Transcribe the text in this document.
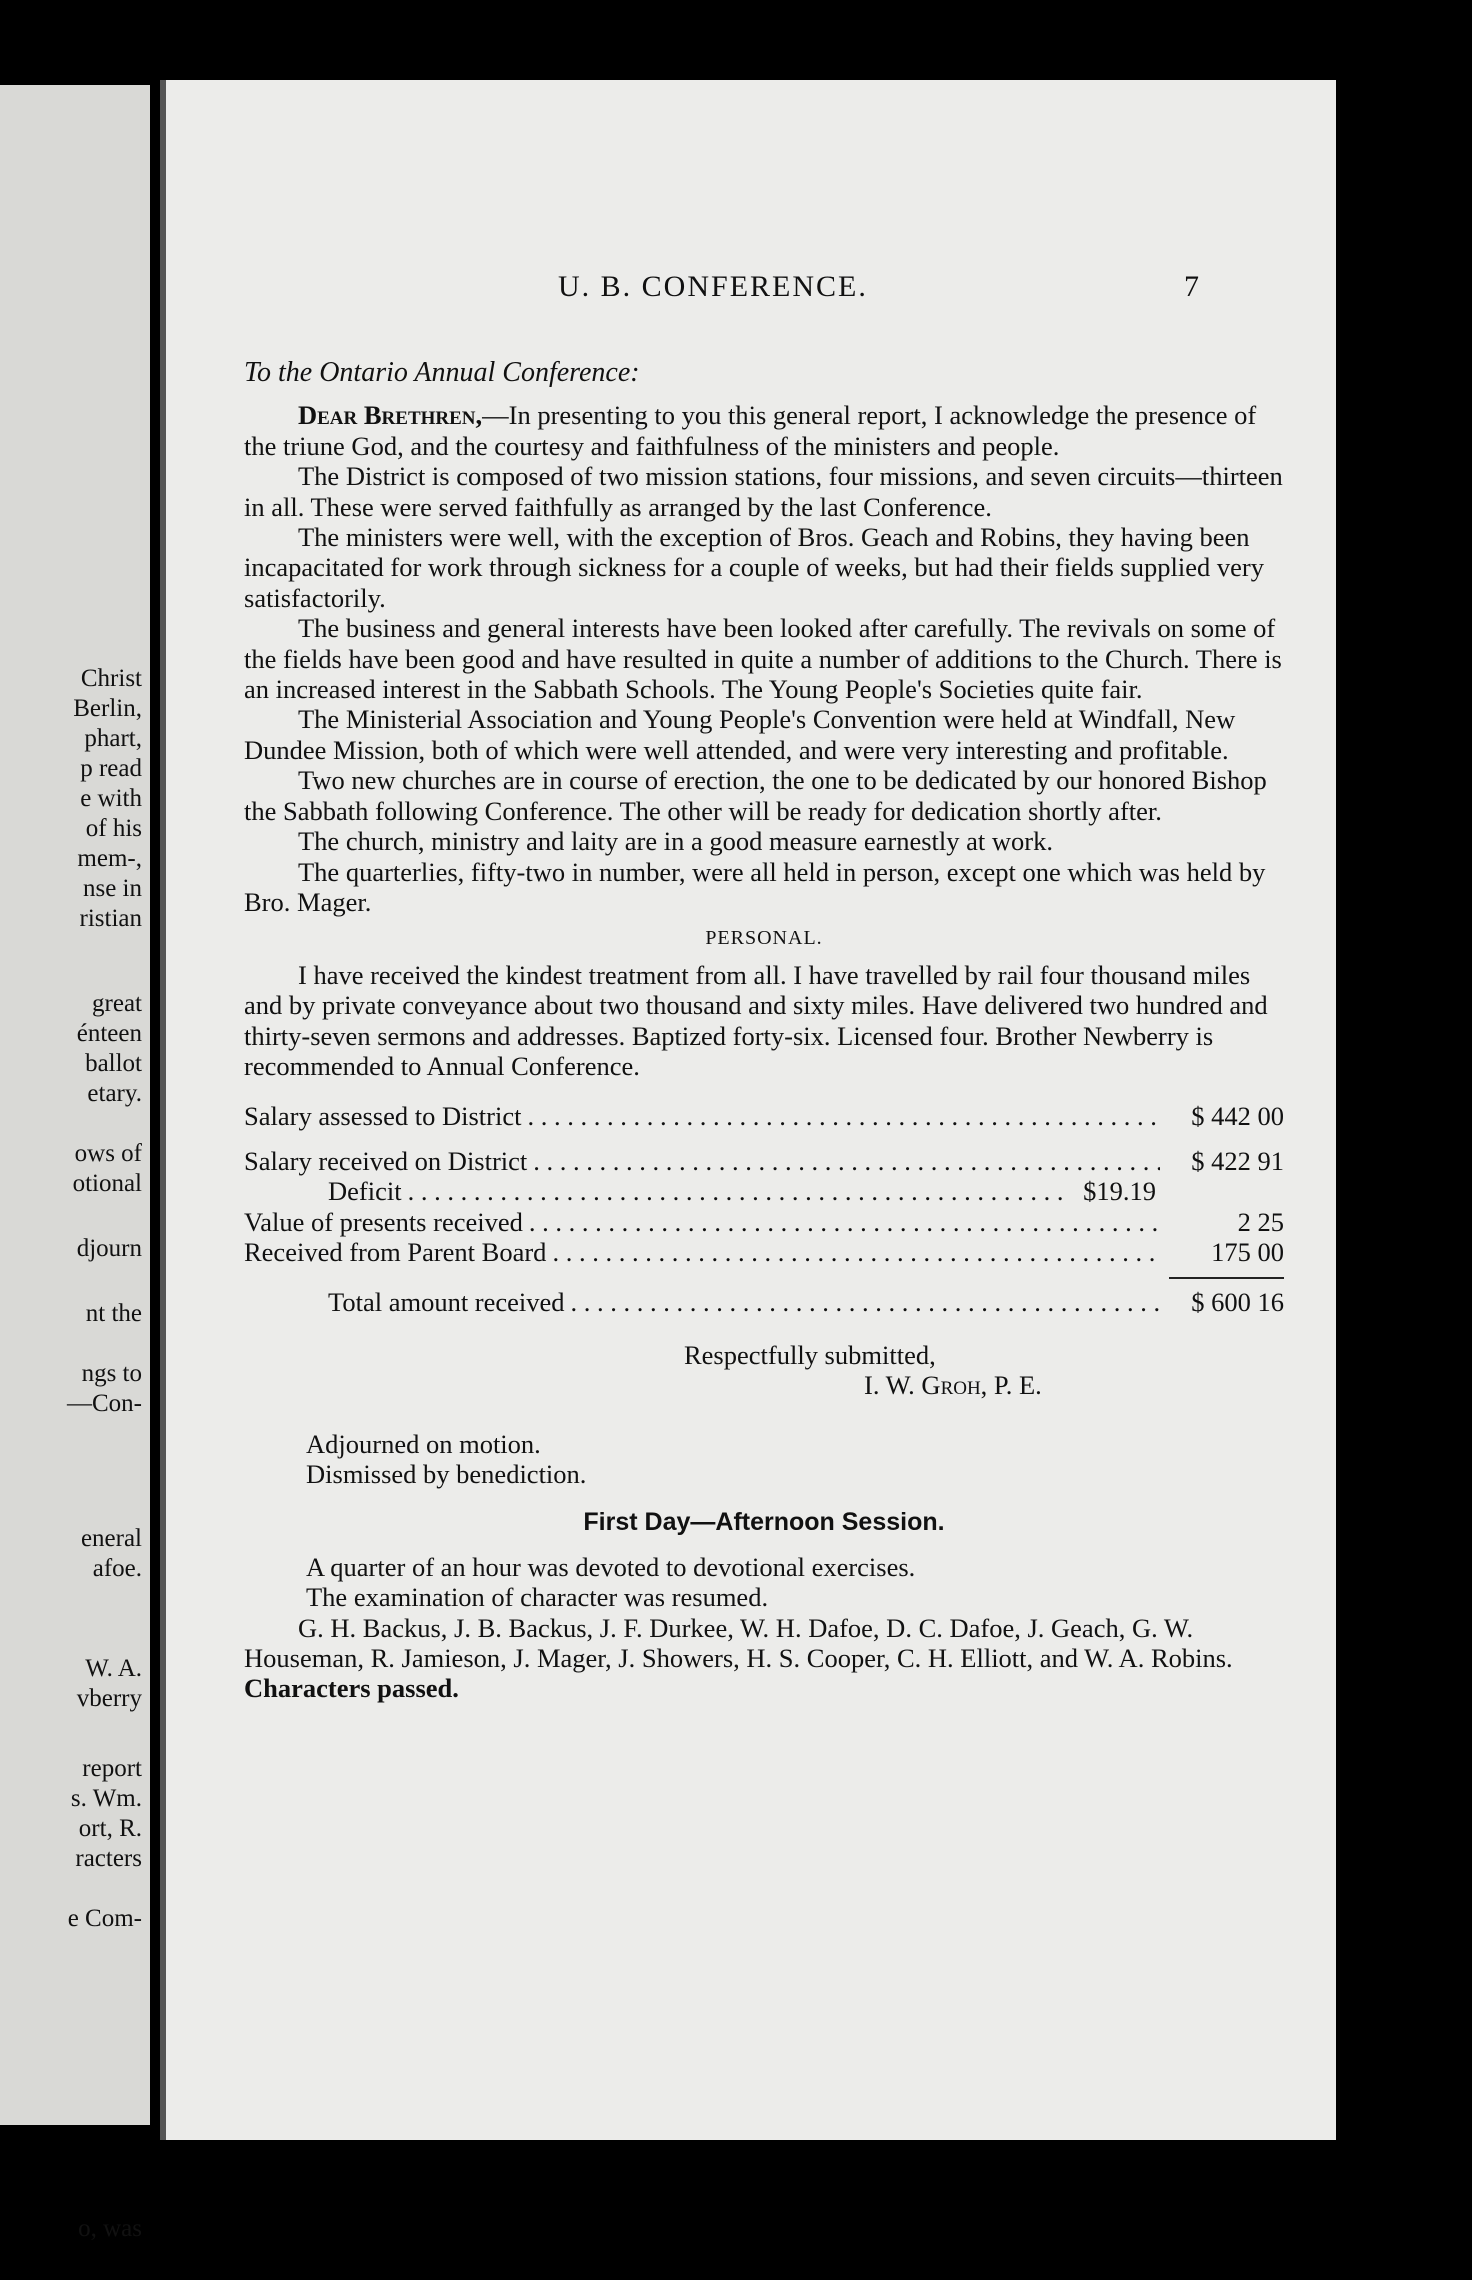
Christ
Berlin,
phart,
p read
e with
of his
mem-,
nse in
ristian
great
énteen
ballot
etary.
ows of
otional
djourn
nt the
ngs to
—Con-
eneral
afoe.
W. A.
vberry
report
s. Wm.
ort, R.
racters
e Com-
o, was
U. B. CONFERENCE.	7

To the Ontario Annual Conference:

Dear Brethren,—In presenting to you this general report, I acknowledge the presence of the triune God, and the courtesy and faithfulness of the ministers and people.

The District is composed of two mission stations, four missions, and seven circuits—thirteen in all. These were served faithfully as arranged by the last Conference.

The ministers were well, with the exception of Bros. Geach and Robins, they having been incapacitated for work through sickness for a couple of weeks, but had their fields supplied very satisfactorily.

The business and general interests have been looked after carefully. The revivals on some of the fields have been good and have resulted in quite a number of additions to the Church. There is an increased interest in the Sabbath Schools. The Young People's Societies quite fair.

The Ministerial Association and Young People's Convention were held at Windfall, New Dundee Mission, both of which were well attended, and were very interesting and profitable.

Two new churches are in course of erection, the one to be dedicated by our honored Bishop the Sabbath following Conference. The other will be ready for dedication shortly after.

The church, ministry and laity are in a good measure earnestly at work.

The quarterlies, fifty-two in number, were all held in person, except one which was held by Bro. Mager.

PERSONAL.

I have received the kindest treatment from all. I have travelled by rail four thousand miles and by private conveyance about two thousand and sixty miles. Have delivered two hundred and thirty-seven sermons and addresses. Baptized forty-six. Licensed four. Brother Newberry is recommended to Annual Conference.

Salary assessed to District . . .	$ 442 00
Salary received on District . . .	$ 422 91
Deficit . . .	$19.19
Value of presents received . . .	2 25
Received from Parent Board . . .	175 00
Total amount received . . .	$ 600 16

Respectfully submitted,

I. W. Groh, P. E.

Adjourned on motion.

Dismissed by benediction.

First Day—Afternoon Session.

A quarter of an hour was devoted to devotional exercises.

The examination of character was resumed.

G. H. Backus, J. B. Backus, J. F. Durkee, W. H. Dafoe, D. C. Dafoe, J. Geach, G. W. Houseman, R. Jamieson, J. Mager, J. Showers, H. S. Cooper, C. H. Elliott, and W. A. Robins. Characters passed.
